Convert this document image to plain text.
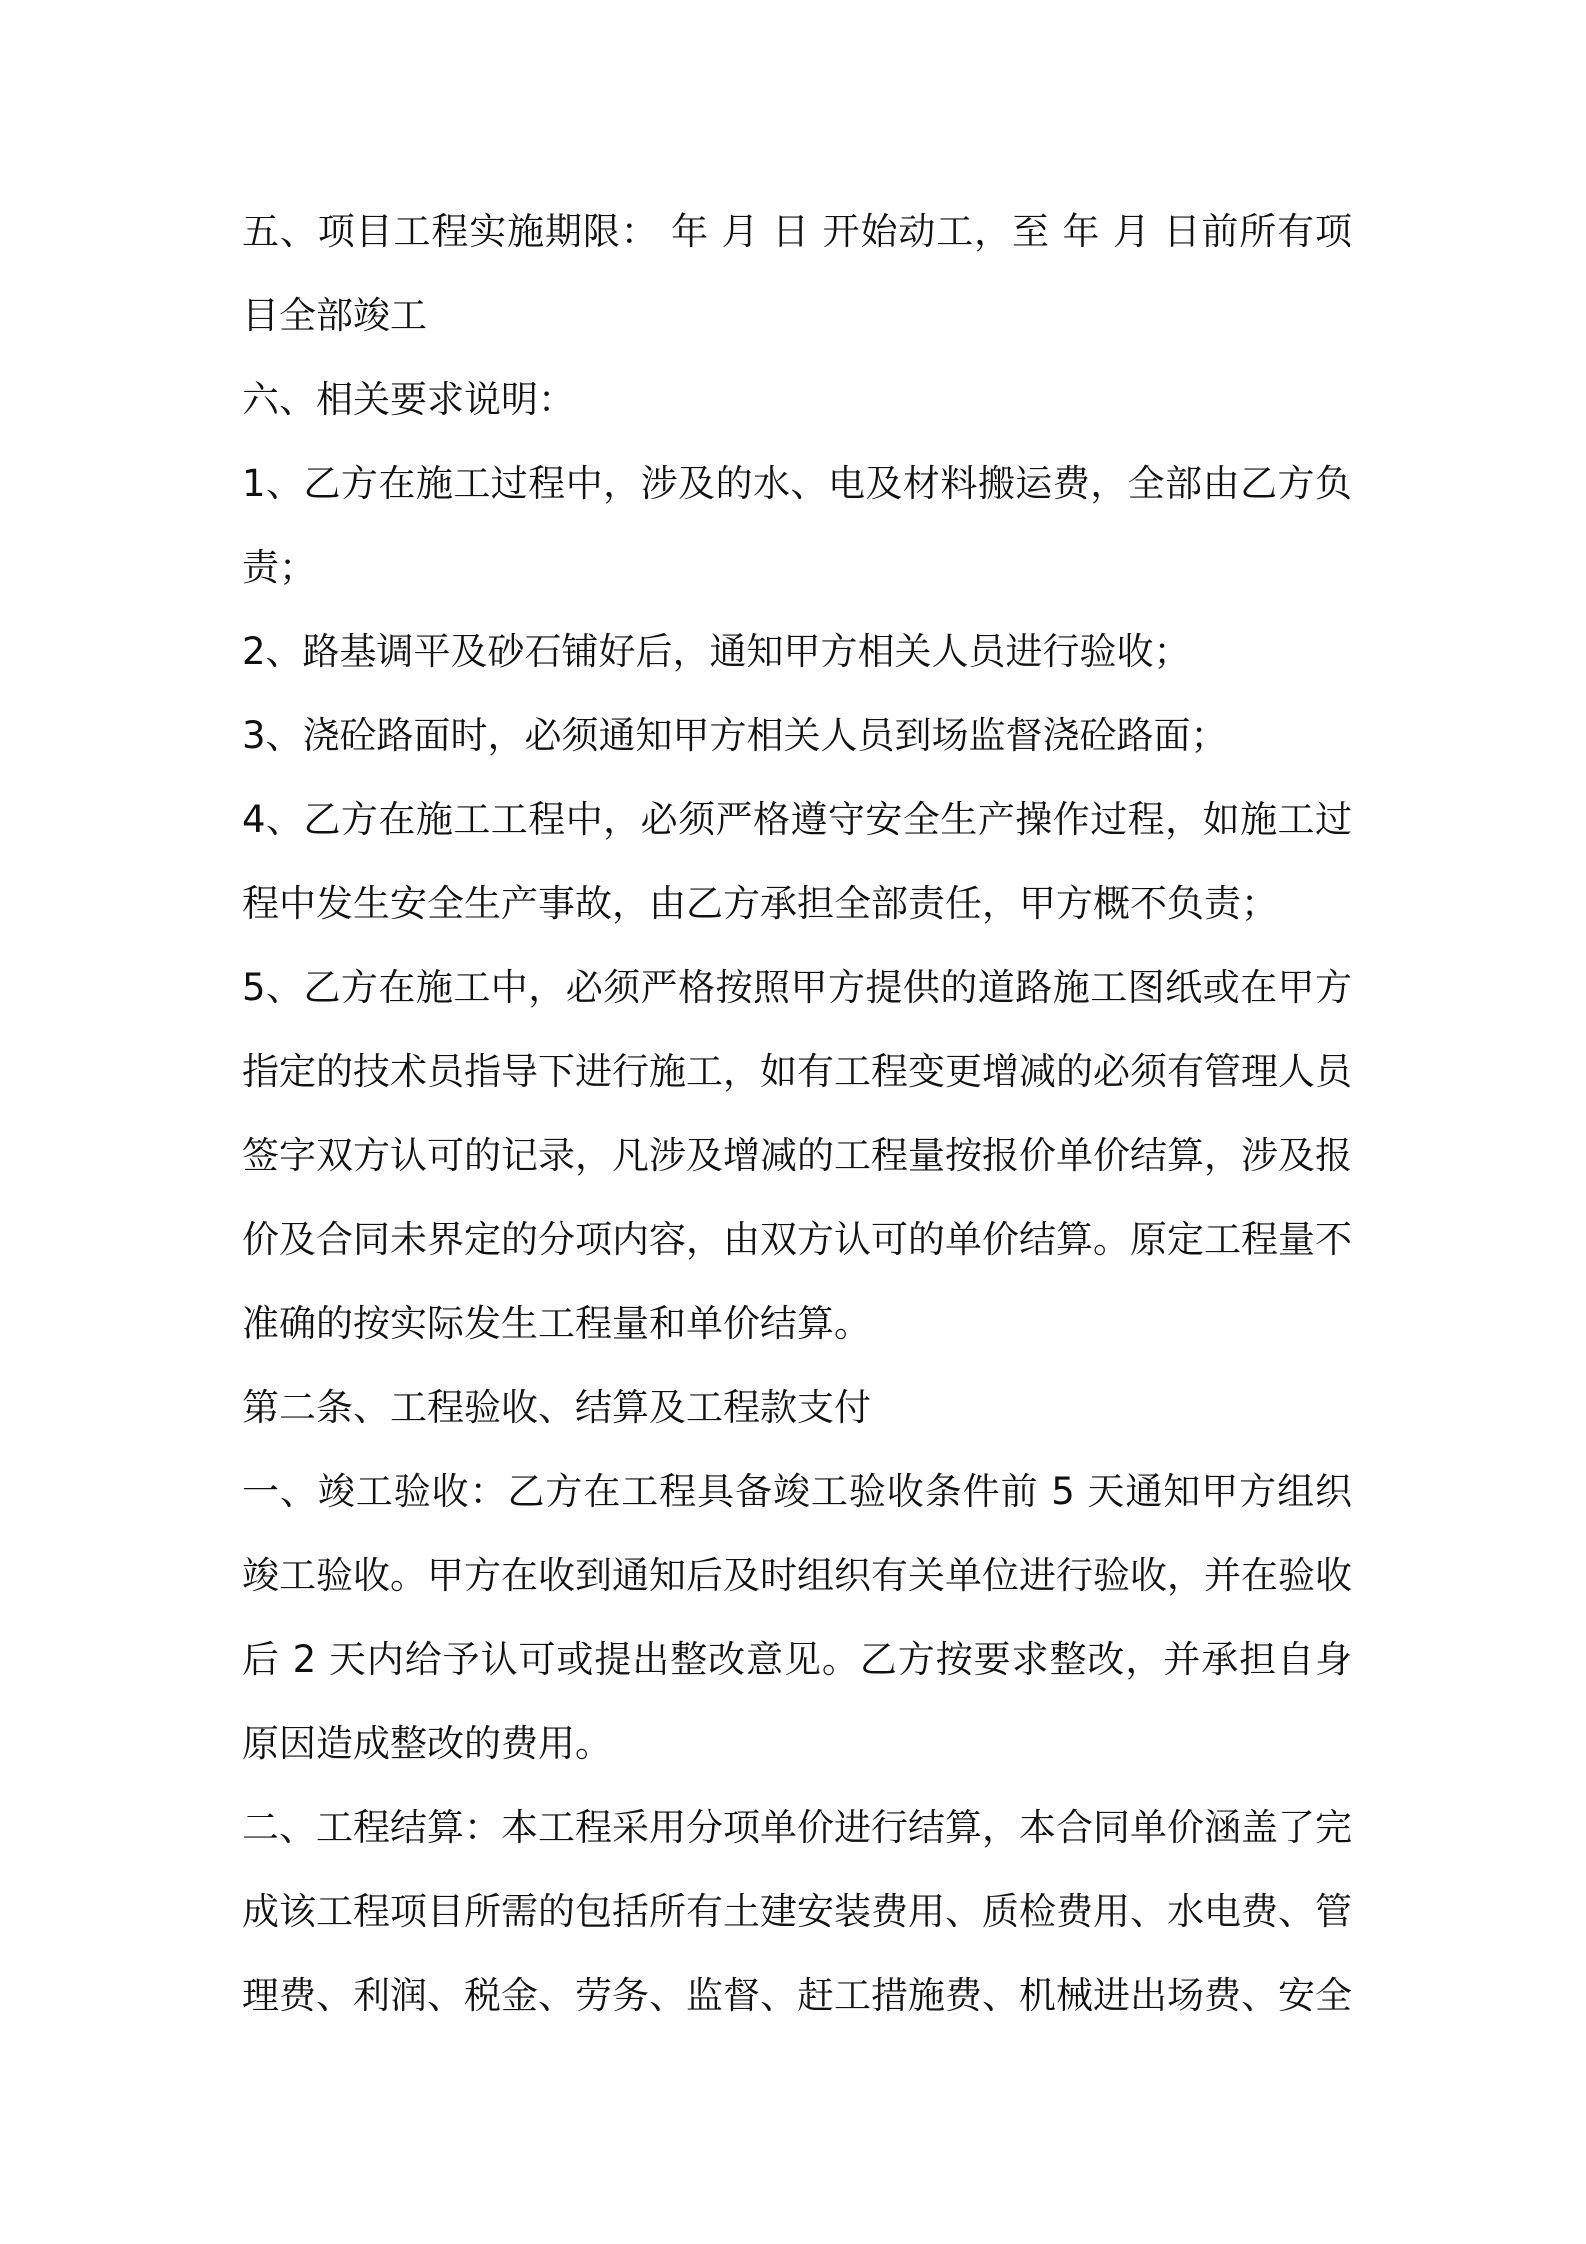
五、项目工程实施期限： 年 月 日 开始动工，至 年 月 日前所有项目全部竣工

六、相关要求说明：

1、乙方在施工过程中，涉及的水、电及材料搬运费，全部由乙方负责；

2、路基调平及砂石铺好后，通知甲方相关人员进行验收；

3、浇砼路面时，必须通知甲方相关人员到场监督浇砼路面；

4、乙方在施工工程中，必须严格遵守安全生产操作过程，如施工过程中发生安全生产事故，由乙方承担全部责任，甲方概不负责；

5、乙方在施工中，必须严格按照甲方提供的道路施工图纸或在甲方指定的技术员指导下进行施工，如有工程变更增减的必须有管理人员签字双方认可的记录，凡涉及增减的工程量按报价单价结算，涉及报价及合同未界定的分项内容，由双方认可的单价结算。原定工程量不准确的按实际发生工程量和单价结算。

第二条、工程验收、结算及工程款支付

一、竣工验收：乙方在工程具备竣工验收条件前 5 天通知甲方组织竣工验收。甲方在收到通知后及时组织有关单位进行验收，并在验收后 2 天内给予认可或提出整改意见。乙方按要求整改，并承担自身原因造成整改的费用。

二、工程结算：本工程采用分项单价进行结算，本合同单价涵盖了完成该工程项目所需的包括所有土建安装费用、质检费用、水电费、管理费、利润、税金、劳务、监督、赶工措施费、机械进出场费、安全
